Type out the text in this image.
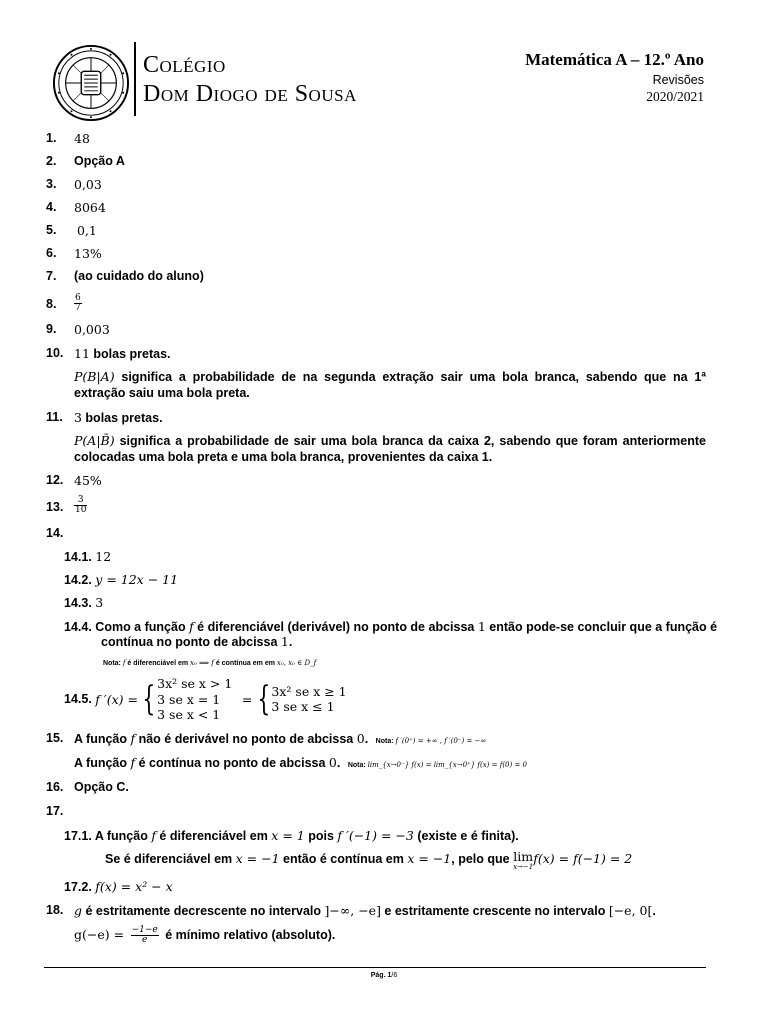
Colégio
Dom Diogo de Sousa
Matemática A – 12.º Ano
Revisões
2020/2021
1. 48
2. Opção A
3. 0,03
4. 8064
5. 0,1
6. 13%
7. (ao cuidado do aluno)
8. $\frac{6}{7}$
9. 0,003
10. 11 bolas pretas.
P(B|A) significa a probabilidade de na segunda extração sair uma bola branca, sabendo que na 1ª extração saiu uma bola preta.
11. 3 bolas pretas.
P(A|B̄) significa a probabilidade de sair uma bola branca da caixa 2, sabendo que foram anteriormente colocadas uma bola preta e uma bola branca, provenientes da caixa 1.
12. 45%
13. $\frac{3}{10}$
14.
14.1. 12
14.2. y = 12x − 11
14.3. 3
14.4. Como a função f é diferenciável (derivável) no ponto de abcissa 1 então pode-se concluir que a função é
contínua no ponto de abcissa 1.
Nota: f é diferenciável em x₀ ⟹ f é contínua em em x₀, x₀ ∈ D_f
14.5. f ′(x) = { 3x² se x > 1
3 se x = 1
3 se x < 1
= { 3x² se x ≥ 1
3 se x ≤ 1
15. A função f não é derivável no ponto de abcissa 0. Nota: f ′(0⁺) = +∞ , f ′(0⁻) = −∞
A função f é contínua no ponto de abcissa 0. Nota: lim_{x→0⁻} f(x) = lim_{x→0⁺} f(x) = f(0) = 0
16. Opção C.
17.
17.1. A função f é diferenciável em x = 1 pois f ′(−1) = −3 (existe e é finita).
Se é diferenciável em x = −1 então é contínua em x = −1, pelo que lim
x→−1
f(x) = f(−1) = 2
17.2. f(x) = x² − x
18. g é estritamente decrescente no intervalo ]−∞, −e] e estritamente crescente no intervalo [−e, 0[.
$g(-e) = \frac{-1-e}{e}$ é mínimo relativo (absoluto).
Pág. 1/6
